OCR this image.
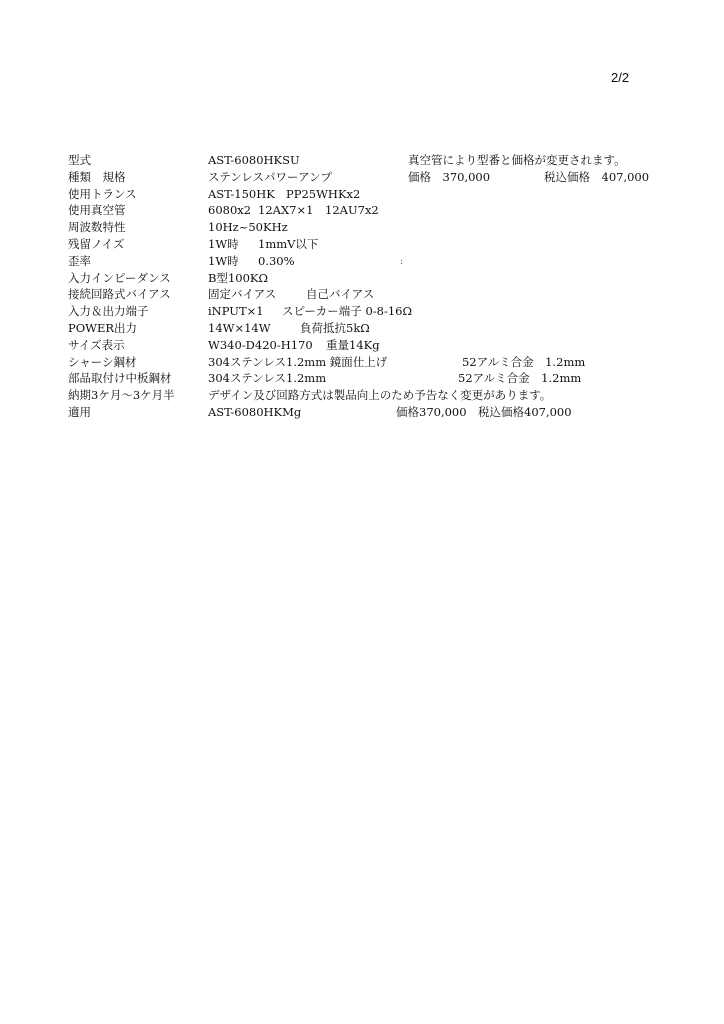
2/2
型式	AST-6080HKSU	真空管により型番と価格が変更されます。
種類　規格	ステンレスパワーアンプ	価格　370,000	税込価格　407,000
使用トランス	AST-150HK PP25WHKx2
使用真空管	6080x2 12AX7×1 12AU7x2
周波数特性	10Hz~50KHz
残留ノイズ	1W時 1mmV以下
歪率	1W時 0.30%
入力インピーダンス	B型100KΩ
接続回路式バイアス	固定バイアス	自己バイアス
入力＆出力端子	iNPUT×1 スピーカー端子 0-8-16Ω
POWER出力	14W×14W	負荷抵抗5kΩ
サイズ表示	W340-D420-H170 重量14Kg
シャーシ鋼材	304ステンレス1.2mm 鏡面仕上げ	52アルミ合金　1.2mm
部品取付け中板鋼材	304ステンレス1.2mm	52アルミ合金　1.2mm
納期3ケ月～3ケ月半	デザイン及び回路方式は製品向上のため予告なく変更があります。
適用	AST-6080HKMg	価格370,000 税込価格407,000
:
